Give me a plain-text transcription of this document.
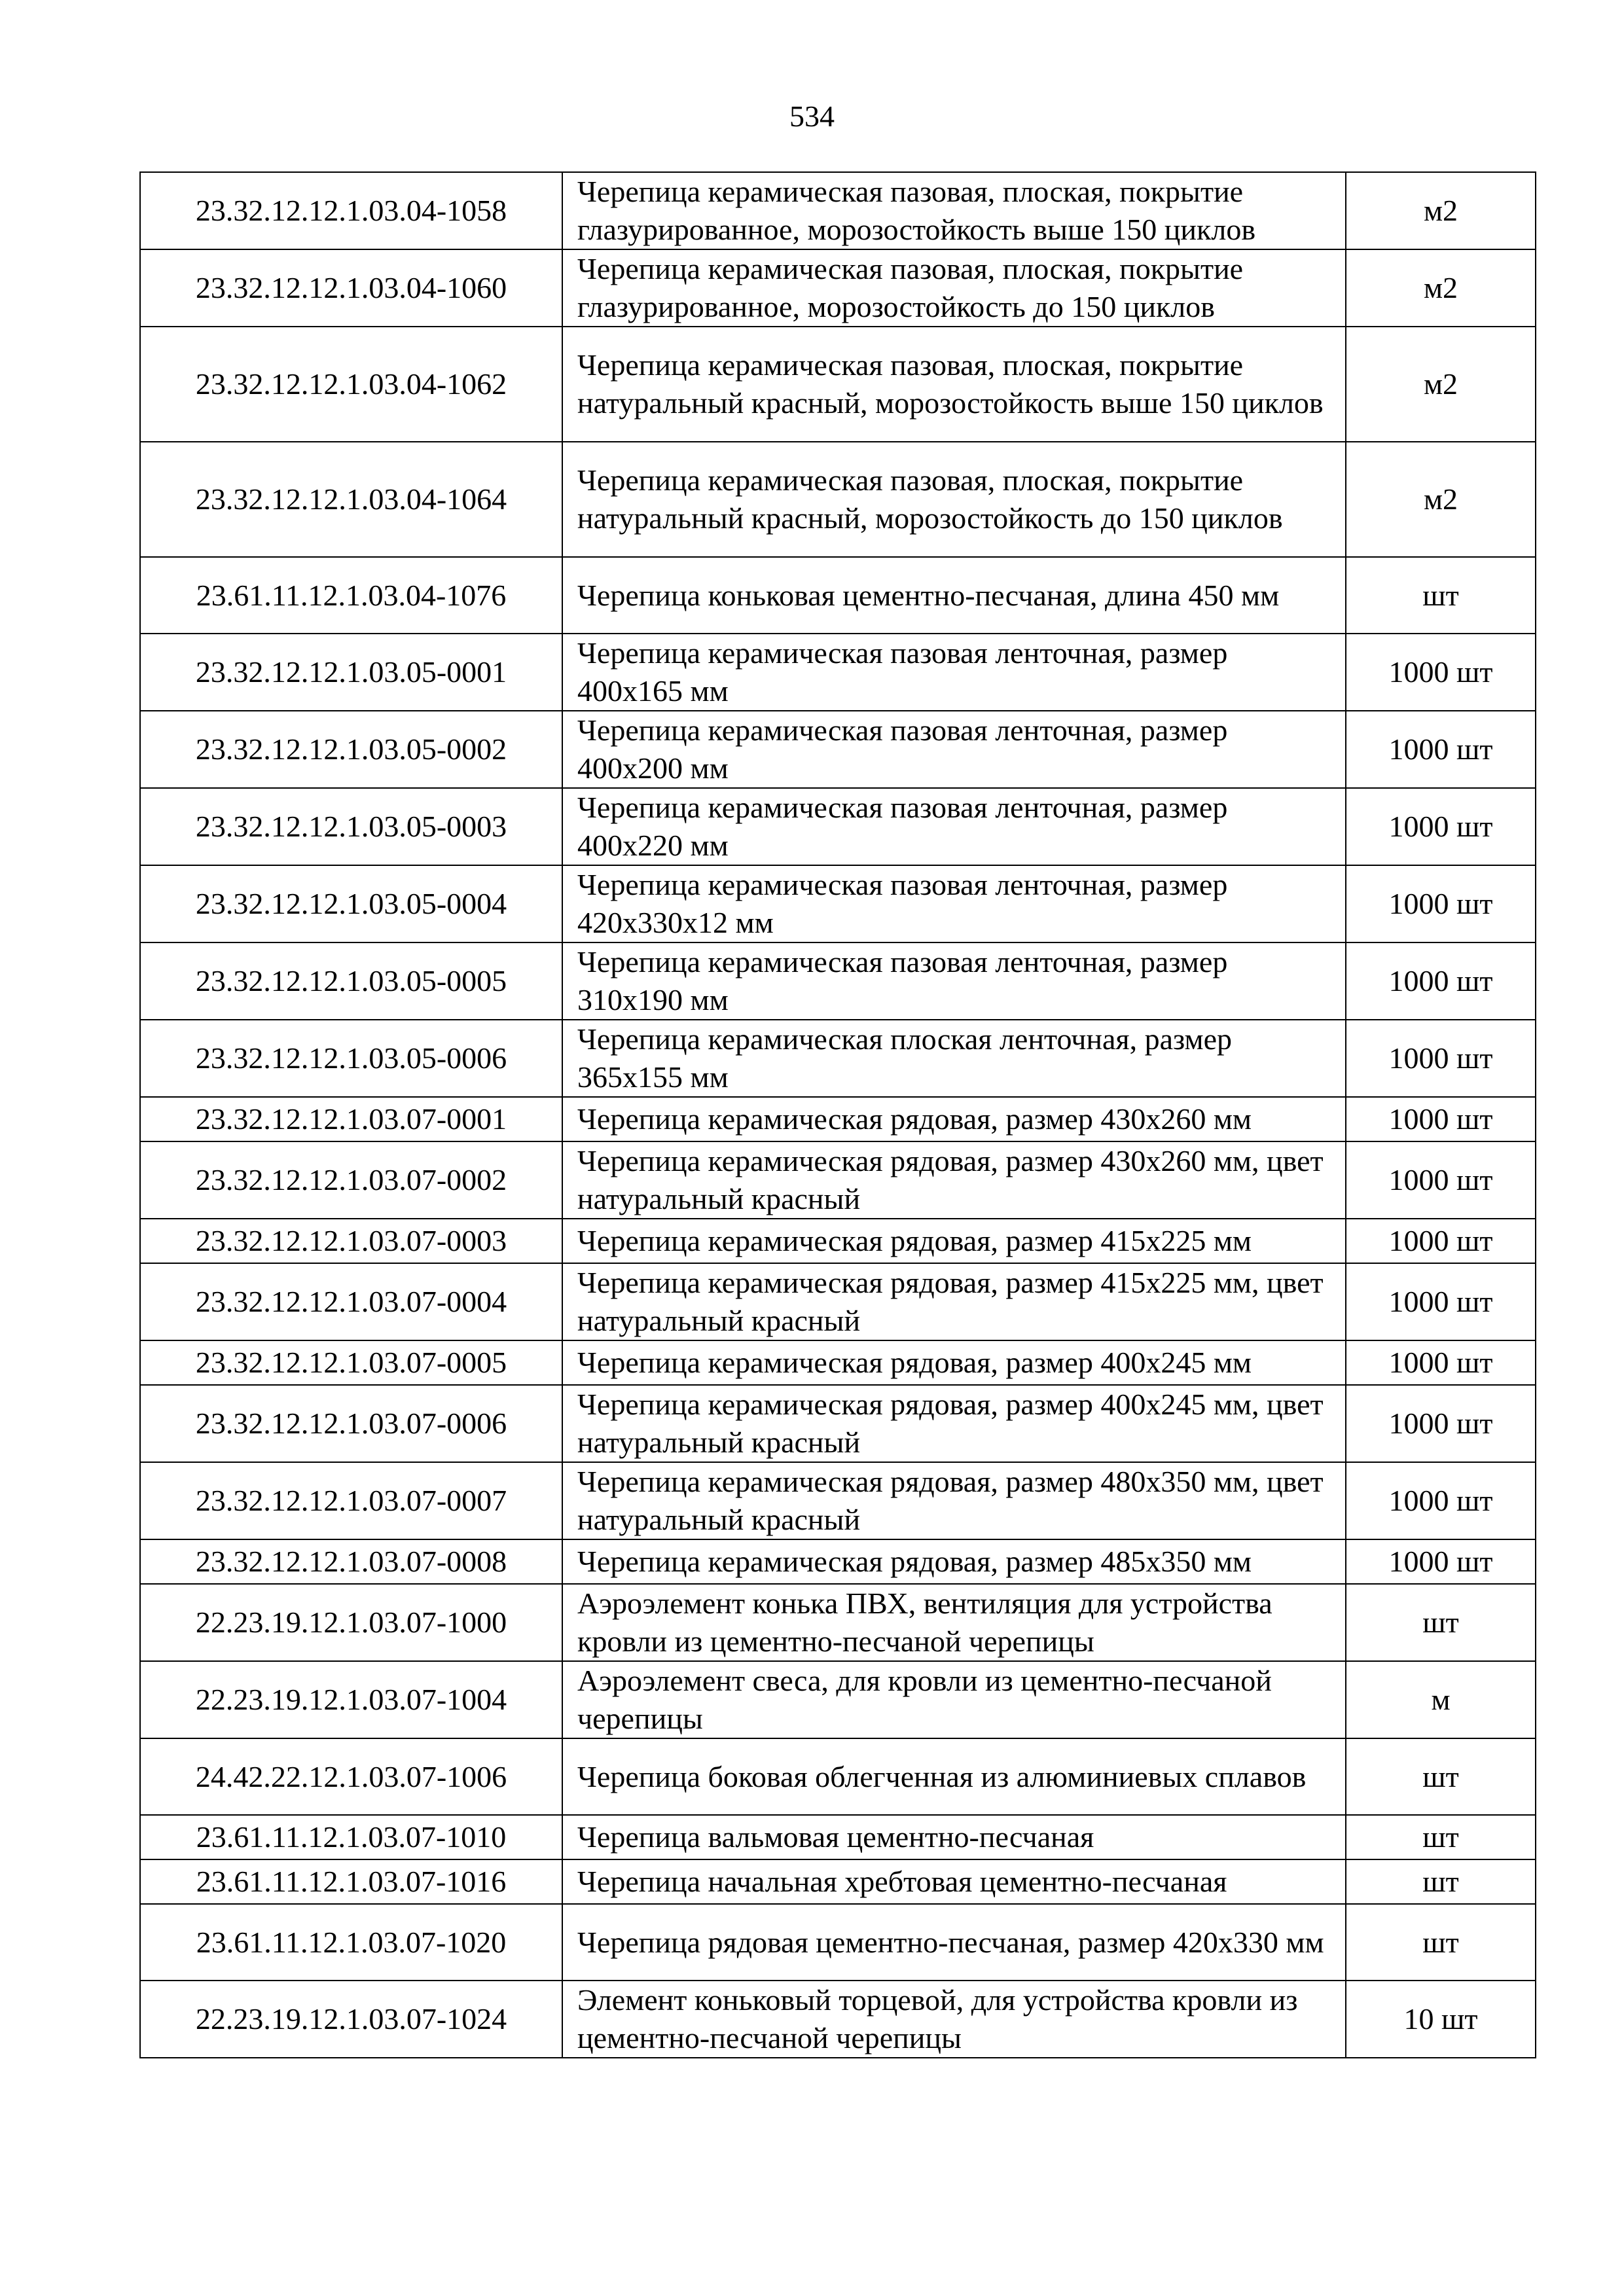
534
23.32.12.12.1.03.04-1058	Черепица керамическая пазовая, плоская, покрытие глазурированное, морозостойкость выше 150 циклов	м2
23.32.12.12.1.03.04-1060	Черепица керамическая пазовая, плоская, покрытие глазурированное, морозостойкость до 150 циклов	м2
23.32.12.12.1.03.04-1062	Черепица керамическая пазовая, плоская, покрытие натуральный красный, морозостойкость выше 150 циклов	м2
23.32.12.12.1.03.04-1064	Черепица керамическая пазовая, плоская, покрытие натуральный красный, морозостойкость до 150 циклов	м2
23.61.11.12.1.03.04-1076	Черепица коньковая цементно-песчаная, длина 450 мм	шт
23.32.12.12.1.03.05-0001	Черепица керамическая пазовая ленточная, размер 400х165 мм	1000 шт
23.32.12.12.1.03.05-0002	Черепица керамическая пазовая ленточная, размер 400х200 мм	1000 шт
23.32.12.12.1.03.05-0003	Черепица керамическая пазовая ленточная, размер 400х220 мм	1000 шт
23.32.12.12.1.03.05-0004	Черепица керамическая пазовая ленточная, размер 420х330х12 мм	1000 шт
23.32.12.12.1.03.05-0005	Черепица керамическая пазовая ленточная, размер 310х190 мм	1000 шт
23.32.12.12.1.03.05-0006	Черепица керамическая плоская ленточная, размер 365х155 мм	1000 шт
23.32.12.12.1.03.07-0001	Черепица керамическая рядовая, размер 430х260 мм	1000 шт
23.32.12.12.1.03.07-0002	Черепица керамическая рядовая, размер 430х260 мм, цвет натуральный красный	1000 шт
23.32.12.12.1.03.07-0003	Черепица керамическая рядовая, размер 415х225 мм	1000 шт
23.32.12.12.1.03.07-0004	Черепица керамическая рядовая, размер 415х225 мм, цвет натуральный красный	1000 шт
23.32.12.12.1.03.07-0005	Черепица керамическая рядовая, размер 400х245 мм	1000 шт
23.32.12.12.1.03.07-0006	Черепица керамическая рядовая, размер 400х245 мм, цвет натуральный красный	1000 шт
23.32.12.12.1.03.07-0007	Черепица керамическая рядовая, размер 480х350 мм, цвет натуральный красный	1000 шт
23.32.12.12.1.03.07-0008	Черепица керамическая рядовая, размер 485х350 мм	1000 шт
22.23.19.12.1.03.07-1000	Аэроэлемент конька ПВХ, вентиляция для устройства кровли из цементно-песчаной черепицы	шт
22.23.19.12.1.03.07-1004	Аэроэлемент свеса, для кровли из цементно-песчаной черепицы	м
24.42.22.12.1.03.07-1006	Черепица боковая облегченная из алюминиевых сплавов	шт
23.61.11.12.1.03.07-1010	Черепица вальмовая цементно-песчаная	шт
23.61.11.12.1.03.07-1016	Черепица начальная хребтовая цементно-песчаная	шт
23.61.11.12.1.03.07-1020	Черепица рядовая цементно-песчаная, размер 420х330 мм	шт
22.23.19.12.1.03.07-1024	Элемент коньковый торцевой, для устройства кровли из цементно-песчаной черепицы	10 шт
